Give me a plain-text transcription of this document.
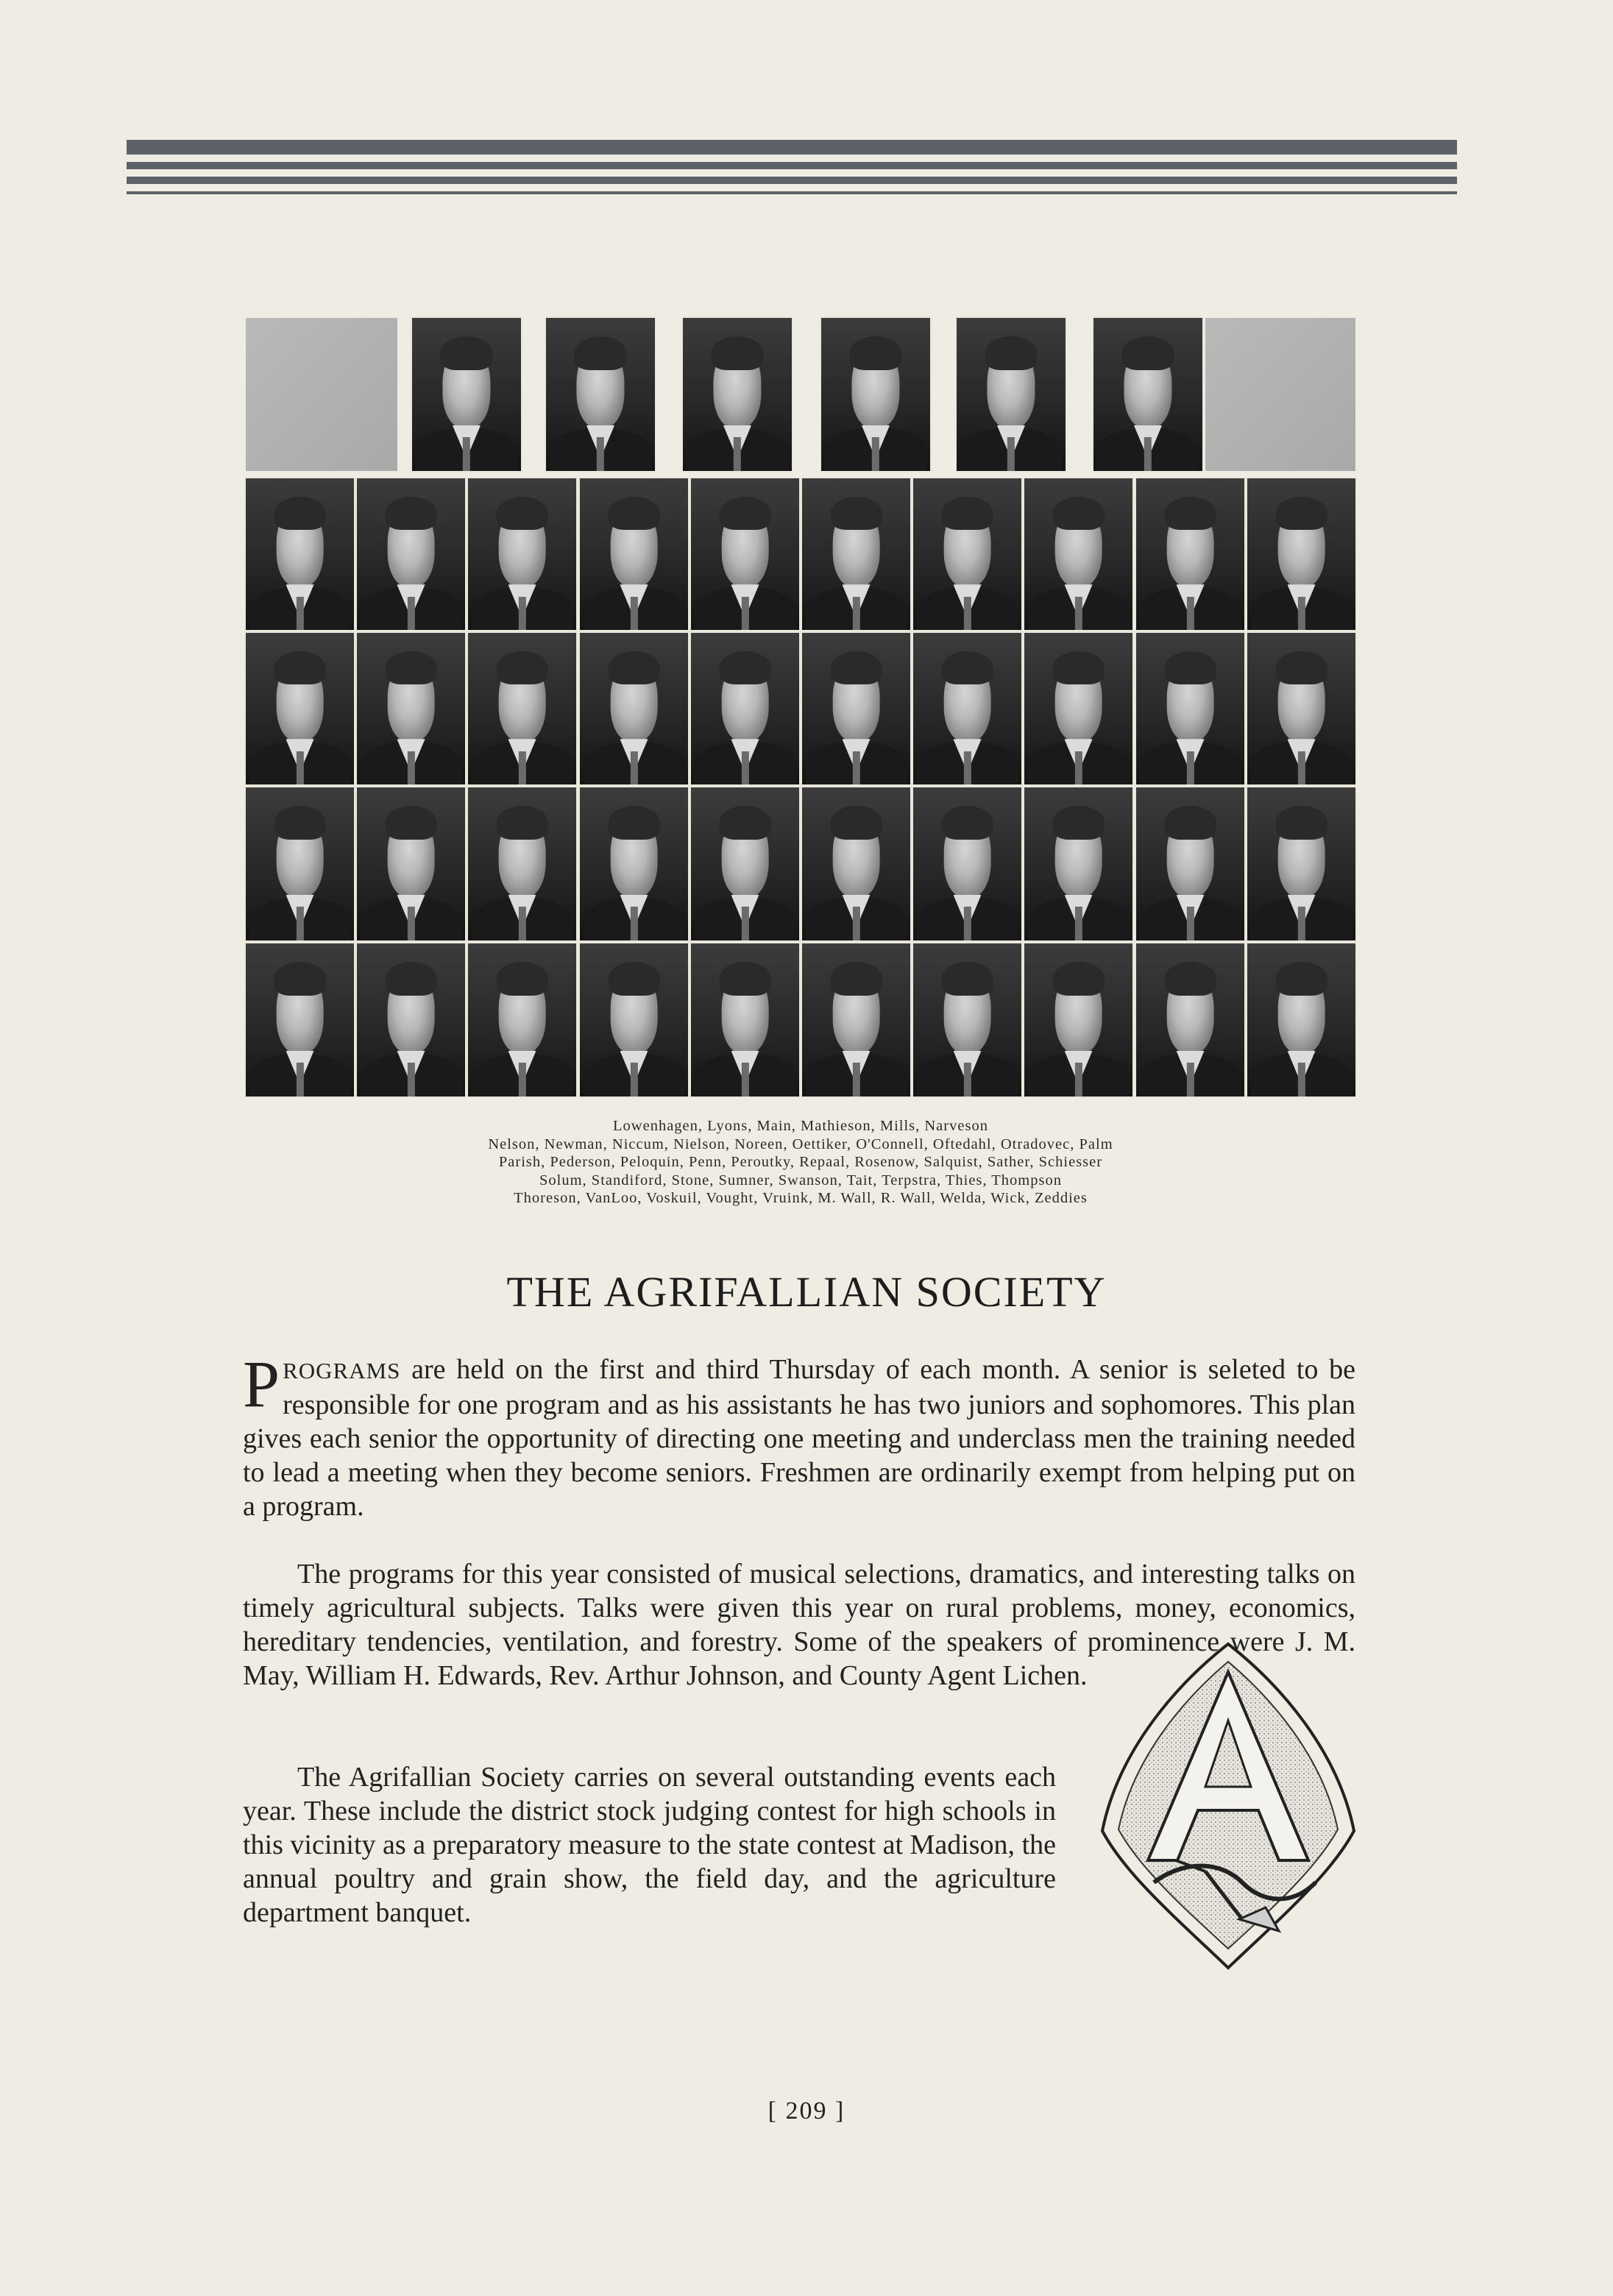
Lowenhagen, Lyons, Main, Mathieson, Mills, Narveson
Nelson, Newman, Niccum, Nielson, Noreen, Oettiker, O'Connell, Oftedahl, Otradovec, Palm
Parish, Pederson, Peloquin, Penn, Peroutky, Repaal, Rosenow, Salquist, Sather, Schiesser
Solum, Standiford, Stone, Sumner, Swanson, Tait, Terpstra, Thies, Thompson
Thoreson, VanLoo, Voskuil, Vought, Vruink, M. Wall, R. Wall, Welda, Wick, Zeddies
THE AGRIFALLIAN SOCIETY
PROGRAMS are held on the first and third Thursday of each month. A senior is seleted to be responsible for one program and as his assistants he has two juniors and sophomores. This plan gives each senior the opportunity of directing one meeting and underclass men the training needed to lead a meeting when they become seniors. Freshmen are ordinarily exempt from helping put on a program.
The programs for this year consisted of musical selections, dramatics, and interesting talks on timely agricultural subjects. Talks were given this year on rural problems, money, economics, hereditary tendencies, ventilation, and forestry. Some of the speakers of prominence were J. M. May, William H. Edwards, Rev. Arthur Johnson, and County Agent Lichen.
The Agrifallian Society carries on several outstanding events each year. These include the district stock judging contest for high schools in this vicinity as a preparatory measure to the state contest at Madison, the annual poultry and grain show, the field day, and the agriculture department banquet.
[ 209 ]
